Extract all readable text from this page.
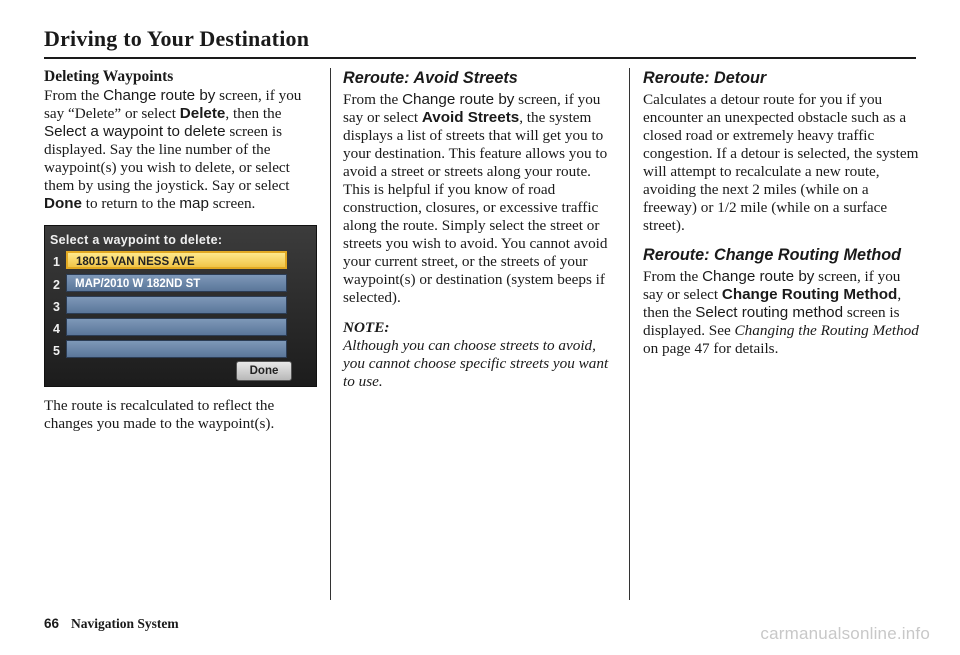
Driving to Your Destination
Deleting Waypoints

From the Change route by screen, if you say “Delete” or select Delete, then the Select a waypoint to delete screen is displayed. Say the line number of the waypoint(s) you wish to delete, or select them by using the joystick. Say or select Done to return to the map screen.

Select a waypoint to delete:
1	18015 VAN NESS AVE
2	MAP/2010 W 182ND ST
3
4
5
Done

The route is recalculated to reflect the changes you made to the waypoint(s).

Reroute: Avoid Streets

From the Change route by screen, if you say or select Avoid Streets, the system displays a list of streets that will get you to your destination. This feature allows you to avoid a street or streets along your route. This is helpful if you know of road construction, closures, or excessive traffic along the route. Simply select the street or streets you wish to avoid. You cannot avoid your current street, or the streets of your waypoint(s) or destination (system beeps if selected).

NOTE:

Although you can choose streets to avoid, you cannot choose specific streets you want to use.

Reroute: Detour

Calculates a detour route for you if you encounter an unexpected obstacle such as a closed road or extremely heavy traffic congestion. If a detour is selected, the system will attempt to recalculate a new route, avoiding the next 2 miles (while on a freeway) or 1/2 mile (while on a surface street).

Reroute: Change Routing Method

From the Change route by screen, if you say or select Change Routing Method, then the Select routing method screen is displayed. See Changing the Routing Method on page 47 for details.

66 Navigation System
carmanualsonline.info
